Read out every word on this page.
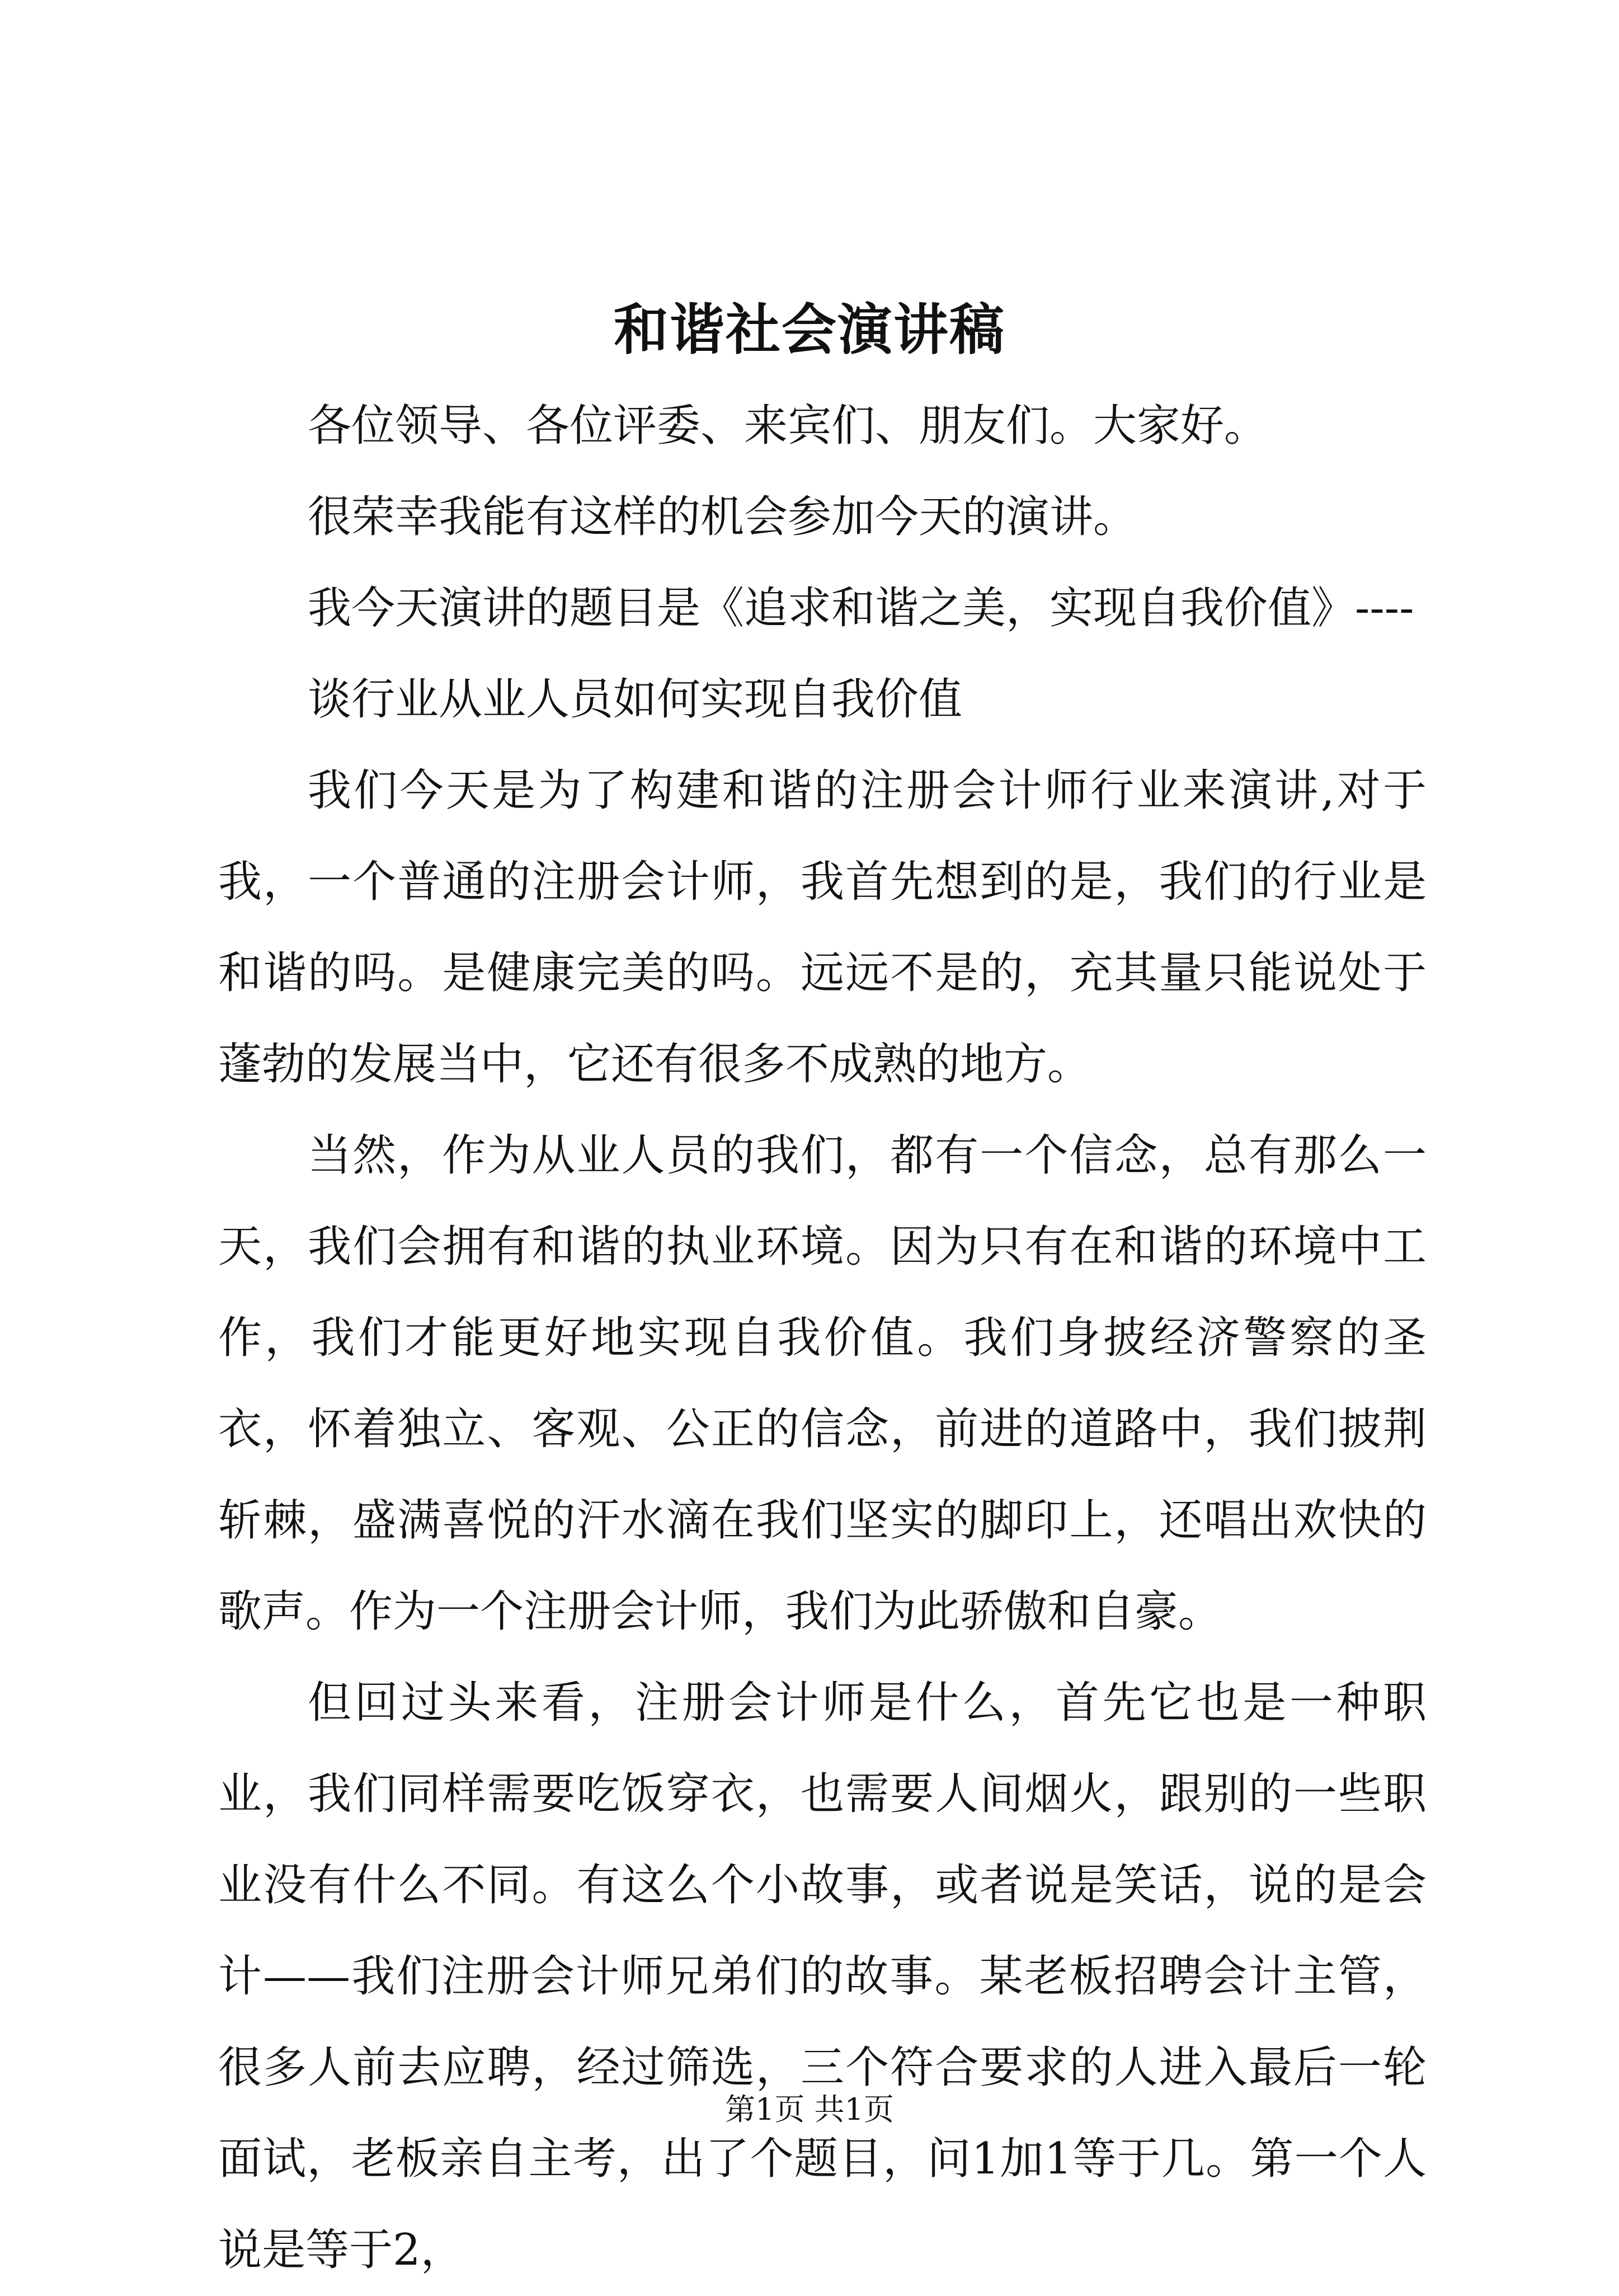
和谐社会演讲稿

各位领导、各位评委、来宾们、朋友们。大家好。

很荣幸我能有这样的机会参加今天的演讲。

我今天演讲的题目是《追求和谐之美，实现自我价值》----

谈行业从业人员如何实现自我价值

我们今天是为了构建和谐的注册会计师行业来演讲,对于我，一个普通的注册会计师，我首先想到的是，我们的行业是和谐的吗。是健康完美的吗。远远不是的，充其量只能说处于蓬勃的发展当中，它还有很多不成熟的地方。

当然，作为从业人员的我们，都有一个信念，总有那么一天，我们会拥有和谐的执业环境。因为只有在和谐的环境中工作，我们才能更好地实现自我价值。我们身披经济警察的圣衣，怀着独立、客观、公正的信念，前进的道路中，我们披荆斩棘，盛满喜悦的汗水滴在我们坚实的脚印上，还唱出欢快的歌声。作为一个注册会计师，我们为此骄傲和自豪。

但回过头来看，注册会计师是什么，首先它也是一种职业，我们同样需要吃饭穿衣，也需要人间烟火，跟别的一些职业没有什么不同。有这么个小故事，或者说是笑话，说的是会计——我们注册会计师兄弟们的故事。某老板招聘会计主管，很多人前去应聘，经过筛选，三个符合要求的人进入最后一轮面试，老板亲自主考，出了个题目，问1加1等于几。第一个人说是等于2，

第1页 共1页
